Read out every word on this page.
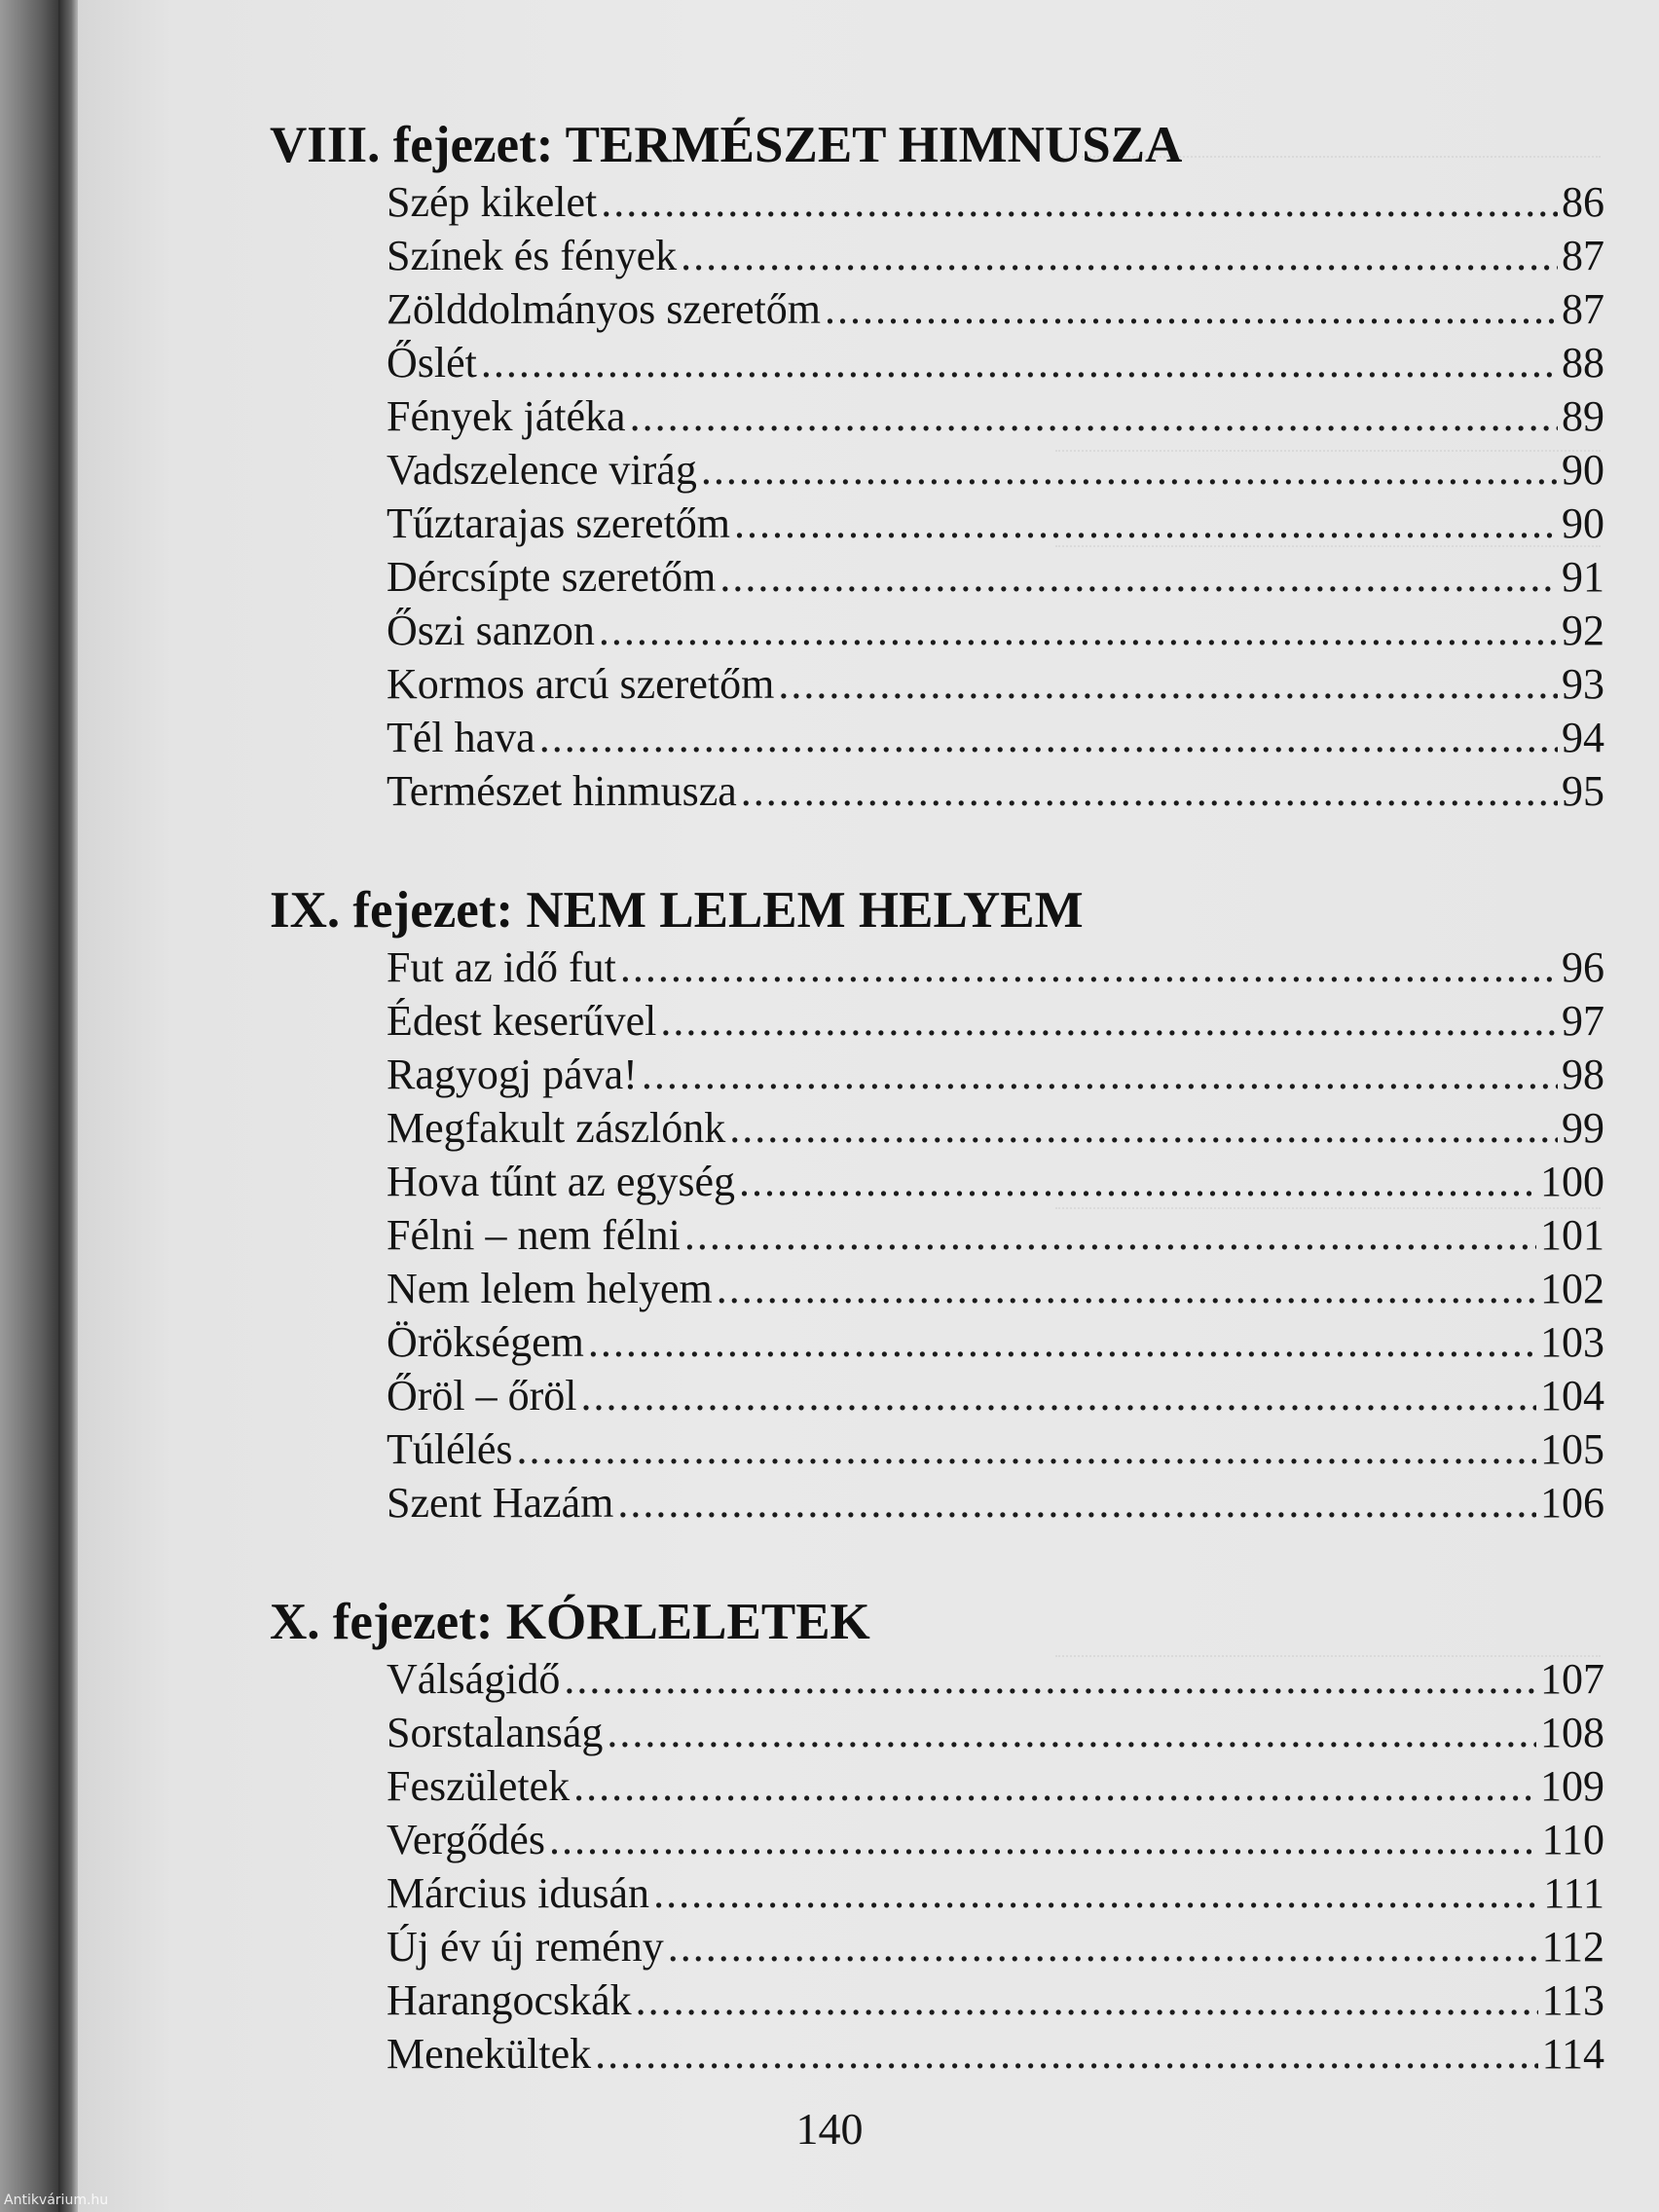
VIII. fejezet: TERMÉSZET HIMNUSZA
Szép kikelet .....	86
Színek és fények .....	87
Zölddolmányos szeretőm .....	87
Őslét .....	88
Fények játéka .....	89
Vadszelence virág .....	90
Tűztarajas szeretőm .....	90
Dércsípte szeretőm .....	91
Őszi sanzon .....	92
Kormos arcú szeretőm .....	93
Tél hava .....	94
Természet hinmusza .....	95
IX. fejezet: NEM LELEM HELYEM
Fut az idő fut .....	96
Édest keserűvel .....	97
Ragyogj páva! .....	98
Megfakult zászlónk .....	99
Hova tűnt az egység .....	100
Félni – nem félni .....	101
Nem lelem helyem .....	102
Örökségem .....	103
Őröl – őröl .....	104
Túlélés .....	105
Szent Hazám .....	106
X. fejezet: KÓRLELETEK
Válságidő .....	107
Sorstalanság .....	108
Feszületek .....	109
Vergődés .....	110
Március idusán .....	111
Új év új remény .....	112
Harangocskák .....	113
Menekültek .....	114
140
Antikvárium.hu
